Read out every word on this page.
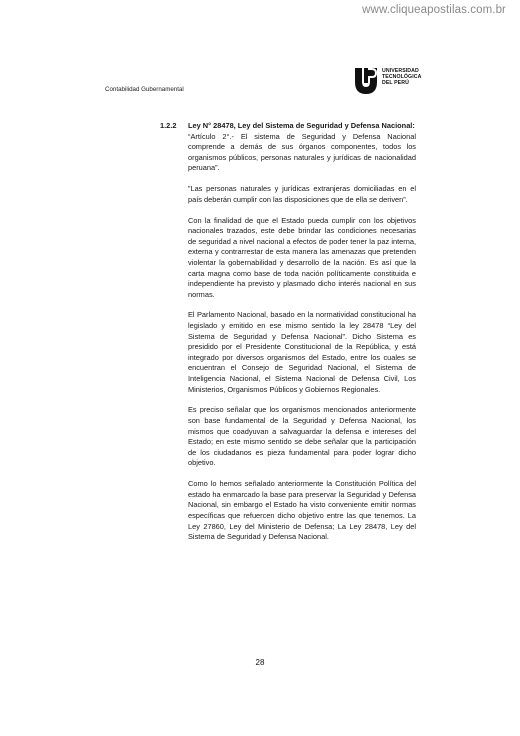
www.cliqueapostilas.com.br
Contabilidad Gubernamental
UNIVERSIDAD
TECNOLÓGICA
DEL PERÚ
1.2.2 Ley N° 28478, Ley del Sistema de Seguridad y Defensa Nacional:

“Artículo 2°.- El sistema de Seguridad y Defensa Nacional comprende a demás de sus órganos componentes, todos los organismos públicos, personas naturales y jurídicas de nacionalidad peruana”.

”Las personas naturales y jurídicas extranjeras domiciliadas en el país deberán cumplir con las disposiciones que de ella se deriven”.

Con la finalidad de que el Estado pueda cumplir con los objetivos nacionales trazados, este debe brindar las condiciones necesarias de seguridad a nivel nacional a efectos de poder tener la paz interna, externa y contrarrestar de esta manera las amenazas que pretenden violentar la gobernabilidad y desarrollo de la nación. Es así que la carta magna como base de toda nación políticamente constituida e independiente ha previsto y plasmado dicho interés nacional en sus normas.

El Parlamento Nacional, basado en la normatividad constitucional ha legislado y emitido en ese mismo sentido la ley 28478 “Ley del Sistema de Seguridad y Defensa Nacional”. Dicho Sistema es presidido por el Presidente Constitucional de la República, y está integrado por diversos organismos del Estado, entre los cuales se encuentran el Consejo de Seguridad Nacional, el Sistema de Inteligencia Nacional, el Sistema Nacional de Defensa Civil, Los Ministerios, Organismos Públicos y Gobiernos Regionales.

Es preciso señalar que los organismos mencionados anteriormente son base fundamental de la Seguridad y Defensa Nacional, los mismos que coadyuvan a salvaguardar la defensa e intereses del Estado; en este mismo sentido se debe señalar que la participación de los ciudadanos es pieza fundamental para poder lograr dicho objetivo.

Como lo hemos señalado anteriormente la Constitución Política del estado ha enmarcado la base para preservar la Seguridad y Defensa Nacional, sin embargo el Estado ha visto conveniente emitir normas específicas que refuercen dicho objetivo entre las que tenemos. La Ley 27860, Ley del Ministerio de Defensa; La Ley 28478, Ley del Sistema de Seguridad y Defensa Nacional.

28
